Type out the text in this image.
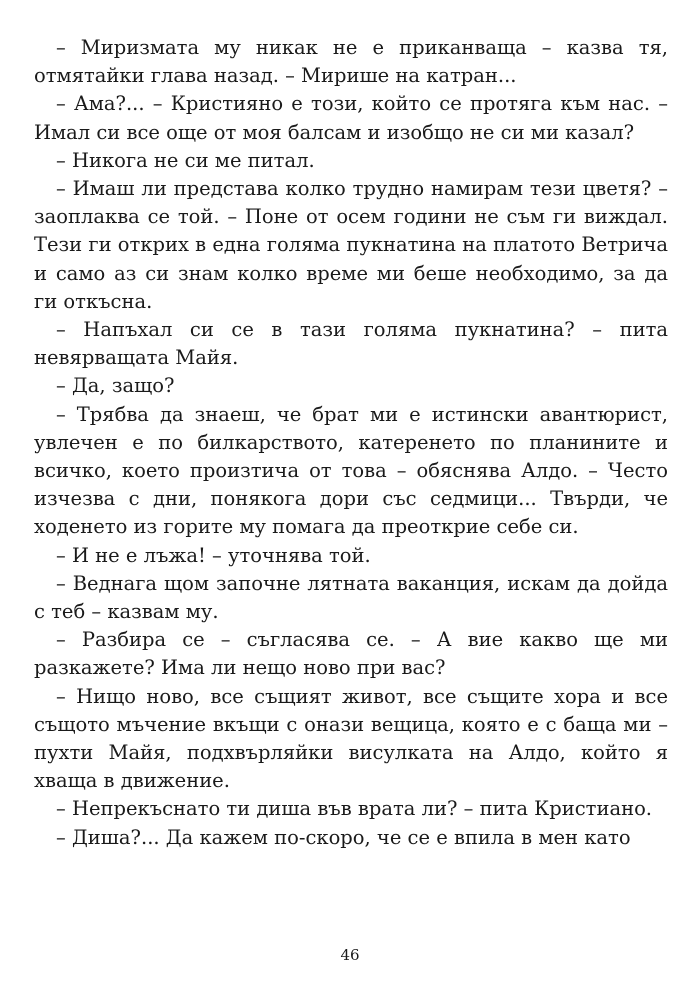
– Миризмата му никак не е приканваща – казва тя, отмятайки глава назад. – Мирише на катран...

– Ама?... – Кристияно е този, който се протяга към нас. – Имал си все още от моя балсам и изобщо не си ми казал?

– Никога не си ме питал.

– Имаш ли представа колко трудно намирам тези цветя? – заоплаква се той. – Поне от осем години не съм ги виждал. Тези ги открих в една голяма пукнатина на платото Ветрича и само аз си знам колко време ми беше необходимо, за да ги откъсна.

– Напъхал си се в тази голяма пукнатина? – пита невярващата Майя.

– Да, защо?

– Трябва да знаеш, че брат ми е истински авантюрист, увлечен е по билкарството, катеренето по планините и всичко, което произтича от това – обяснява Алдо. – Често изчезва с дни, понякога дори със седмици... Твърди, че ходенето из горите му помага да преоткрие себе си.

– И не е лъжа! – уточнява той.

– Веднага щом започне лятната ваканция, искам да дойда с теб – казвам му.

– Разбира се – съгласява се. – А вие какво ще ми разкажете? Има ли нещо ново при вас?

– Нищо ново, все същият живот, все същите хора и все същото мъчение вкъщи с онази вещица, която е с баща ми – пухти Майя, подхвърляйки висулката на Алдо, който я хваща в движение.

– Непрекъснато ти диша във врата ли? – пита Кристиано.

– Диша?... Да кажем по-скоро, че се е впила в мен като

46
